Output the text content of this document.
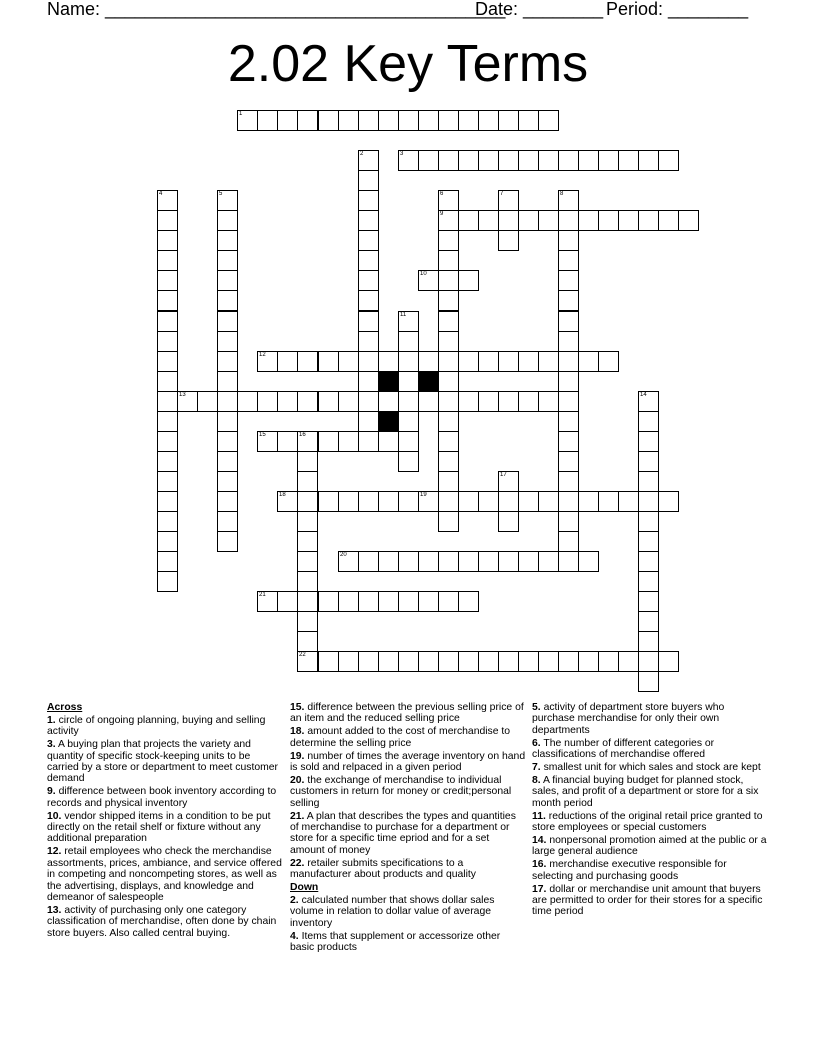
Name: ________________________________________
Date: ________ Period: ________
2.02 Key Terms
1
3
9
10
12
13
15	16
18	19
20
21
22
2
4	5	6	7	8
11
14
17
Across
1. circle of ongoing planning, buying and selling activity
3. A buying plan that projects the variety and quantity of specific stock-keeping units to be carried by a store or department to meet customer demand
9. difference between book inventory according to records and physical inventory
10. vendor shipped items in a condition to be put directly on the retail shelf or fixture without any additional preparation
12. retail employees who check the merchandise assortments, prices, ambiance, and service offered in competing and noncompeting stores, as well as the advertising, displays, and knowledge and demeanor of salespeople
13. activity of purchasing only one category classification of merchandise, often done by chain store buyers. Also called central buying.
15. difference between the previous selling price of an item and the reduced selling price
18. amount added to the cost of merchandise to determine the selling price
19. number of times the average inventory on hand is sold and relpaced in a given period
20. the exchange of merchandise to individual customers in return for money or credit;personal selling
21. A plan that describes the types and quantities of merchandise to purchase for a department or store for a specific time epriod and for a set amount of money
22. retailer submits specifications to a manufacturer about products and quality
Down
2. calculated number that shows dollar sales volume in relation to dollar value of average inventory
4. Items that supplement or accessorize other basic products
5. activity of department store buyers who purchase merchandise for only their own departments
6. The number of different categories or classifications of merchandise offered
7. smallest unit for which sales and stock are kept
8. A financial buying budget for planned stock, sales, and profit of a department or store for a six month period
11. reductions of the original retail price granted to store employees or special customers
14. nonpersonal promotion aimed at the public or a large general audience
16. merchandise executive responsible for selecting and purchasing goods
17. dollar or merchandise unit amount that buyers are permitted to order for their stores for a specific time period
